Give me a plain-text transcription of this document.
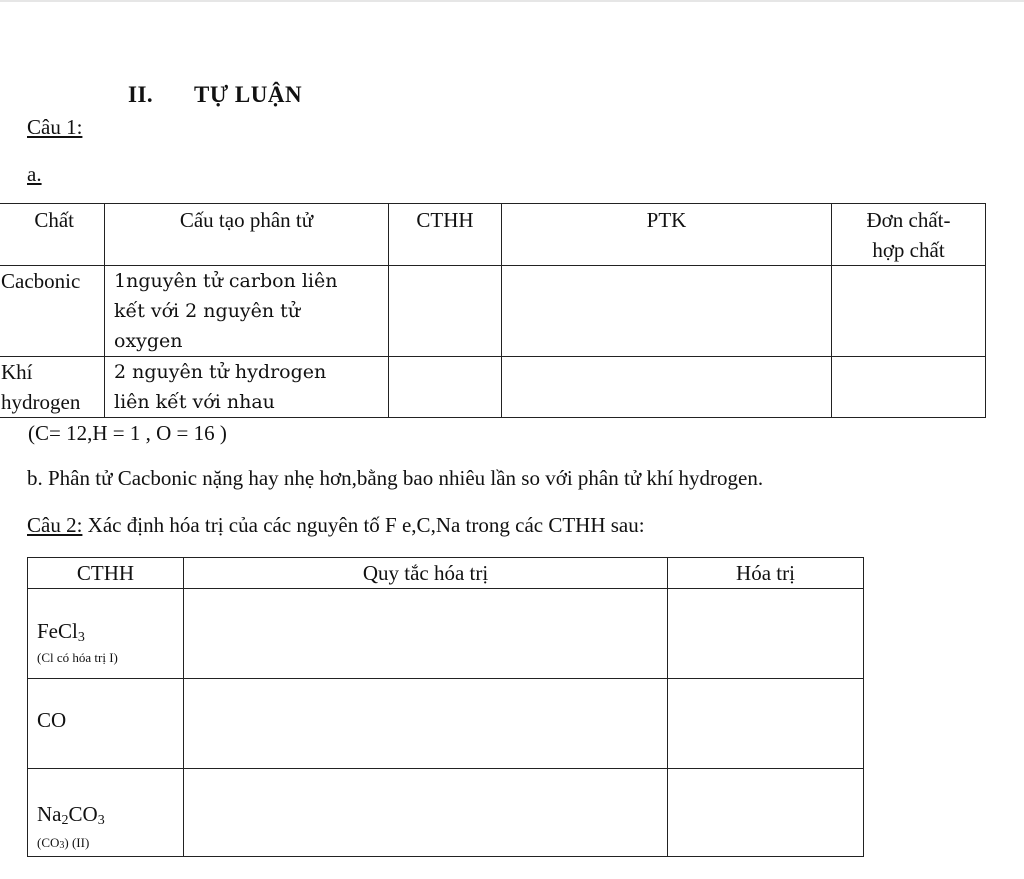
II. TỰ LUẬN
Câu 1:
a.
Chất	Cấu tạo phân tử	CTHH	PTK	Đơn chất-
hợp chất
Cacbonic	1nguyên tử carbon liên
kết với 2 nguyên tử
oxygen			
Khí
hydrogen	2 nguyên tử hydrogen
liên kết với nhau			
(C= 12,H = 1 , O = 16 )
b. Phân tử Cacbonic nặng hay nhẹ hơn,bằng bao nhiêu lần so với phân tử khí hydrogen.
Câu 2: Xác định hóa trị của các nguyên tố F e,C,Na trong các CTHH sau:
CTHH	Quy tắc hóa trị	Hóa trị

FeCl$_3$
(Cl có hóa trị I)		

CO		

$Na_2CO_3$
(CO3) (II)		
